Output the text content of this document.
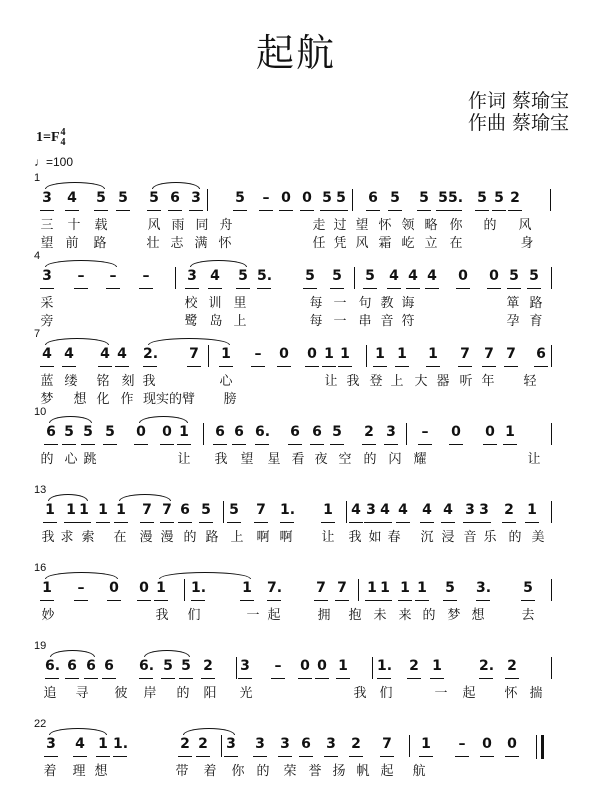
起航
作词 蔡瑜宝
作曲 蔡瑜宝
1=F4
4
♩=100
1
3 4 5 5 5 6 3 5 – 0 0 5 5 6 5 5 5 5. 5 5 2
三 十 载	风 雨 同 舟	走 过 望 怀 领 略 你 的 风
望 前 路	壮 志 满 怀	任 凭 风 霜 屹 立 在	身
4
3 – – –	3 4 5 5. 5 5 5 4 4 4 0 0 5 5
采	校 训 里	每 一 句 教 诲	箪 路
旁	鹭 岛 上	每 一 串 音 符	孕 育
7
4 4 4 4 2. 7 1 – 0 0 1 1 1 1 1 7 7 7 6
蓝 缕 铭 刻 我	心	让 我 登 上 大 器 听 年 轻
梦 想 化 作 现实的臂 膀
10
6 5 5 5 0 0 1 6 6 6. 6 6 5 2 3 – 0 0 1
的 心 跳	让 我 望 星 看 夜 空 的 闪 耀	让
13
1 1 1 1 1 7 7 6 5 5 7 1. 1 4 3 4 4 4 4 3 3 2 1
我 求 索 在 漫 漫 的 路 上 啊 啊 让 我 如 春 沉 浸 音 乐 的 美
16
1 – 0 0 1 1.	1 7. 7 7 1 1 1 1 5 3. 5
妙	我 们	一 起	拥 抱 未 来 的 梦 想	去
19
6. 6 6 6 6. 5 5 2 3 – 0 0 1 1.	1	2. 2
2
追 寻 彼 岸 的 阳 光	我 们	一 起 怀 揣
22
3 4 1 1.	2 2 3 3 3 6 3 2 7 1 – 0 0
着 理 想	带 着 你 的 荣 誉 扬 帆 起 航
